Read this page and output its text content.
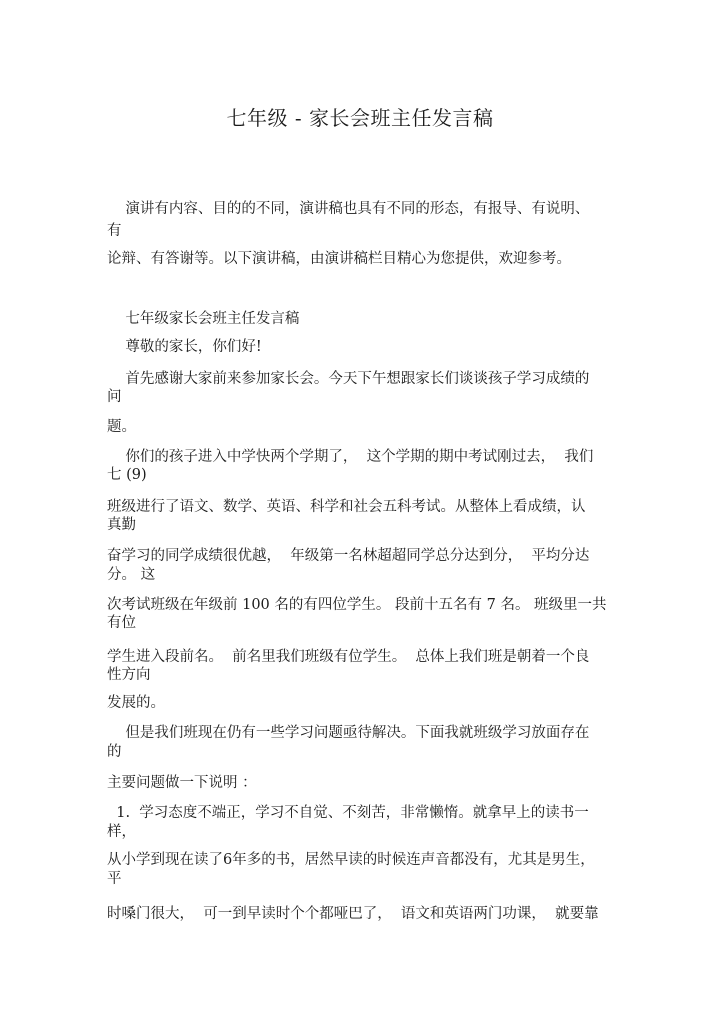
七年级 - 家长会班主任发言稿
演讲有内容、目的的不同，演讲稿也具有不同的形态，有报导、有说明、
有
论辩、有答谢等。以下演讲稿，由演讲稿栏目精心为您提供，欢迎参考。
七年级家长会班主任发言稿
尊敬的家长，你们好!
首先感谢大家前来参加家长会。今天下午想跟家长们谈谈孩子学习成绩的
问
题。
你们的孩子进入中学快两个学期了，  这个学期的期中考试刚过去，  我们
七 (9)
班级进行了语文、数学、英语、科学和社会五科考试。从整体上看成绩，认
真勤
奋学习的同学成绩很优越，  年级第一名林超超同学总分达到分，  平均分达
分。 这
次考试班级在年级前 100 名的有四位学生。 段前十五名有 7 名。 班级里一共
有位
学生进入段前名。  前名里我们班级有位学生。  总体上我们班是朝着一个良
性方向
发展的。
但是我们班现在仍有一些学习问题亟待解决。下面我就班级学习放面存在
的
主要问题做一下说明 ：
1.  学习态度不端正，学习不自觉、不刻苦，非常懒惰。就拿早上的读书一
样，
从小学到现在读了6年多的书，居然早读的时候连声音都没有，尤其是男生，
平
时嗓门很大，  可一到早读时个个都哑巴了，  语文和英语两门功课，  就要靠
